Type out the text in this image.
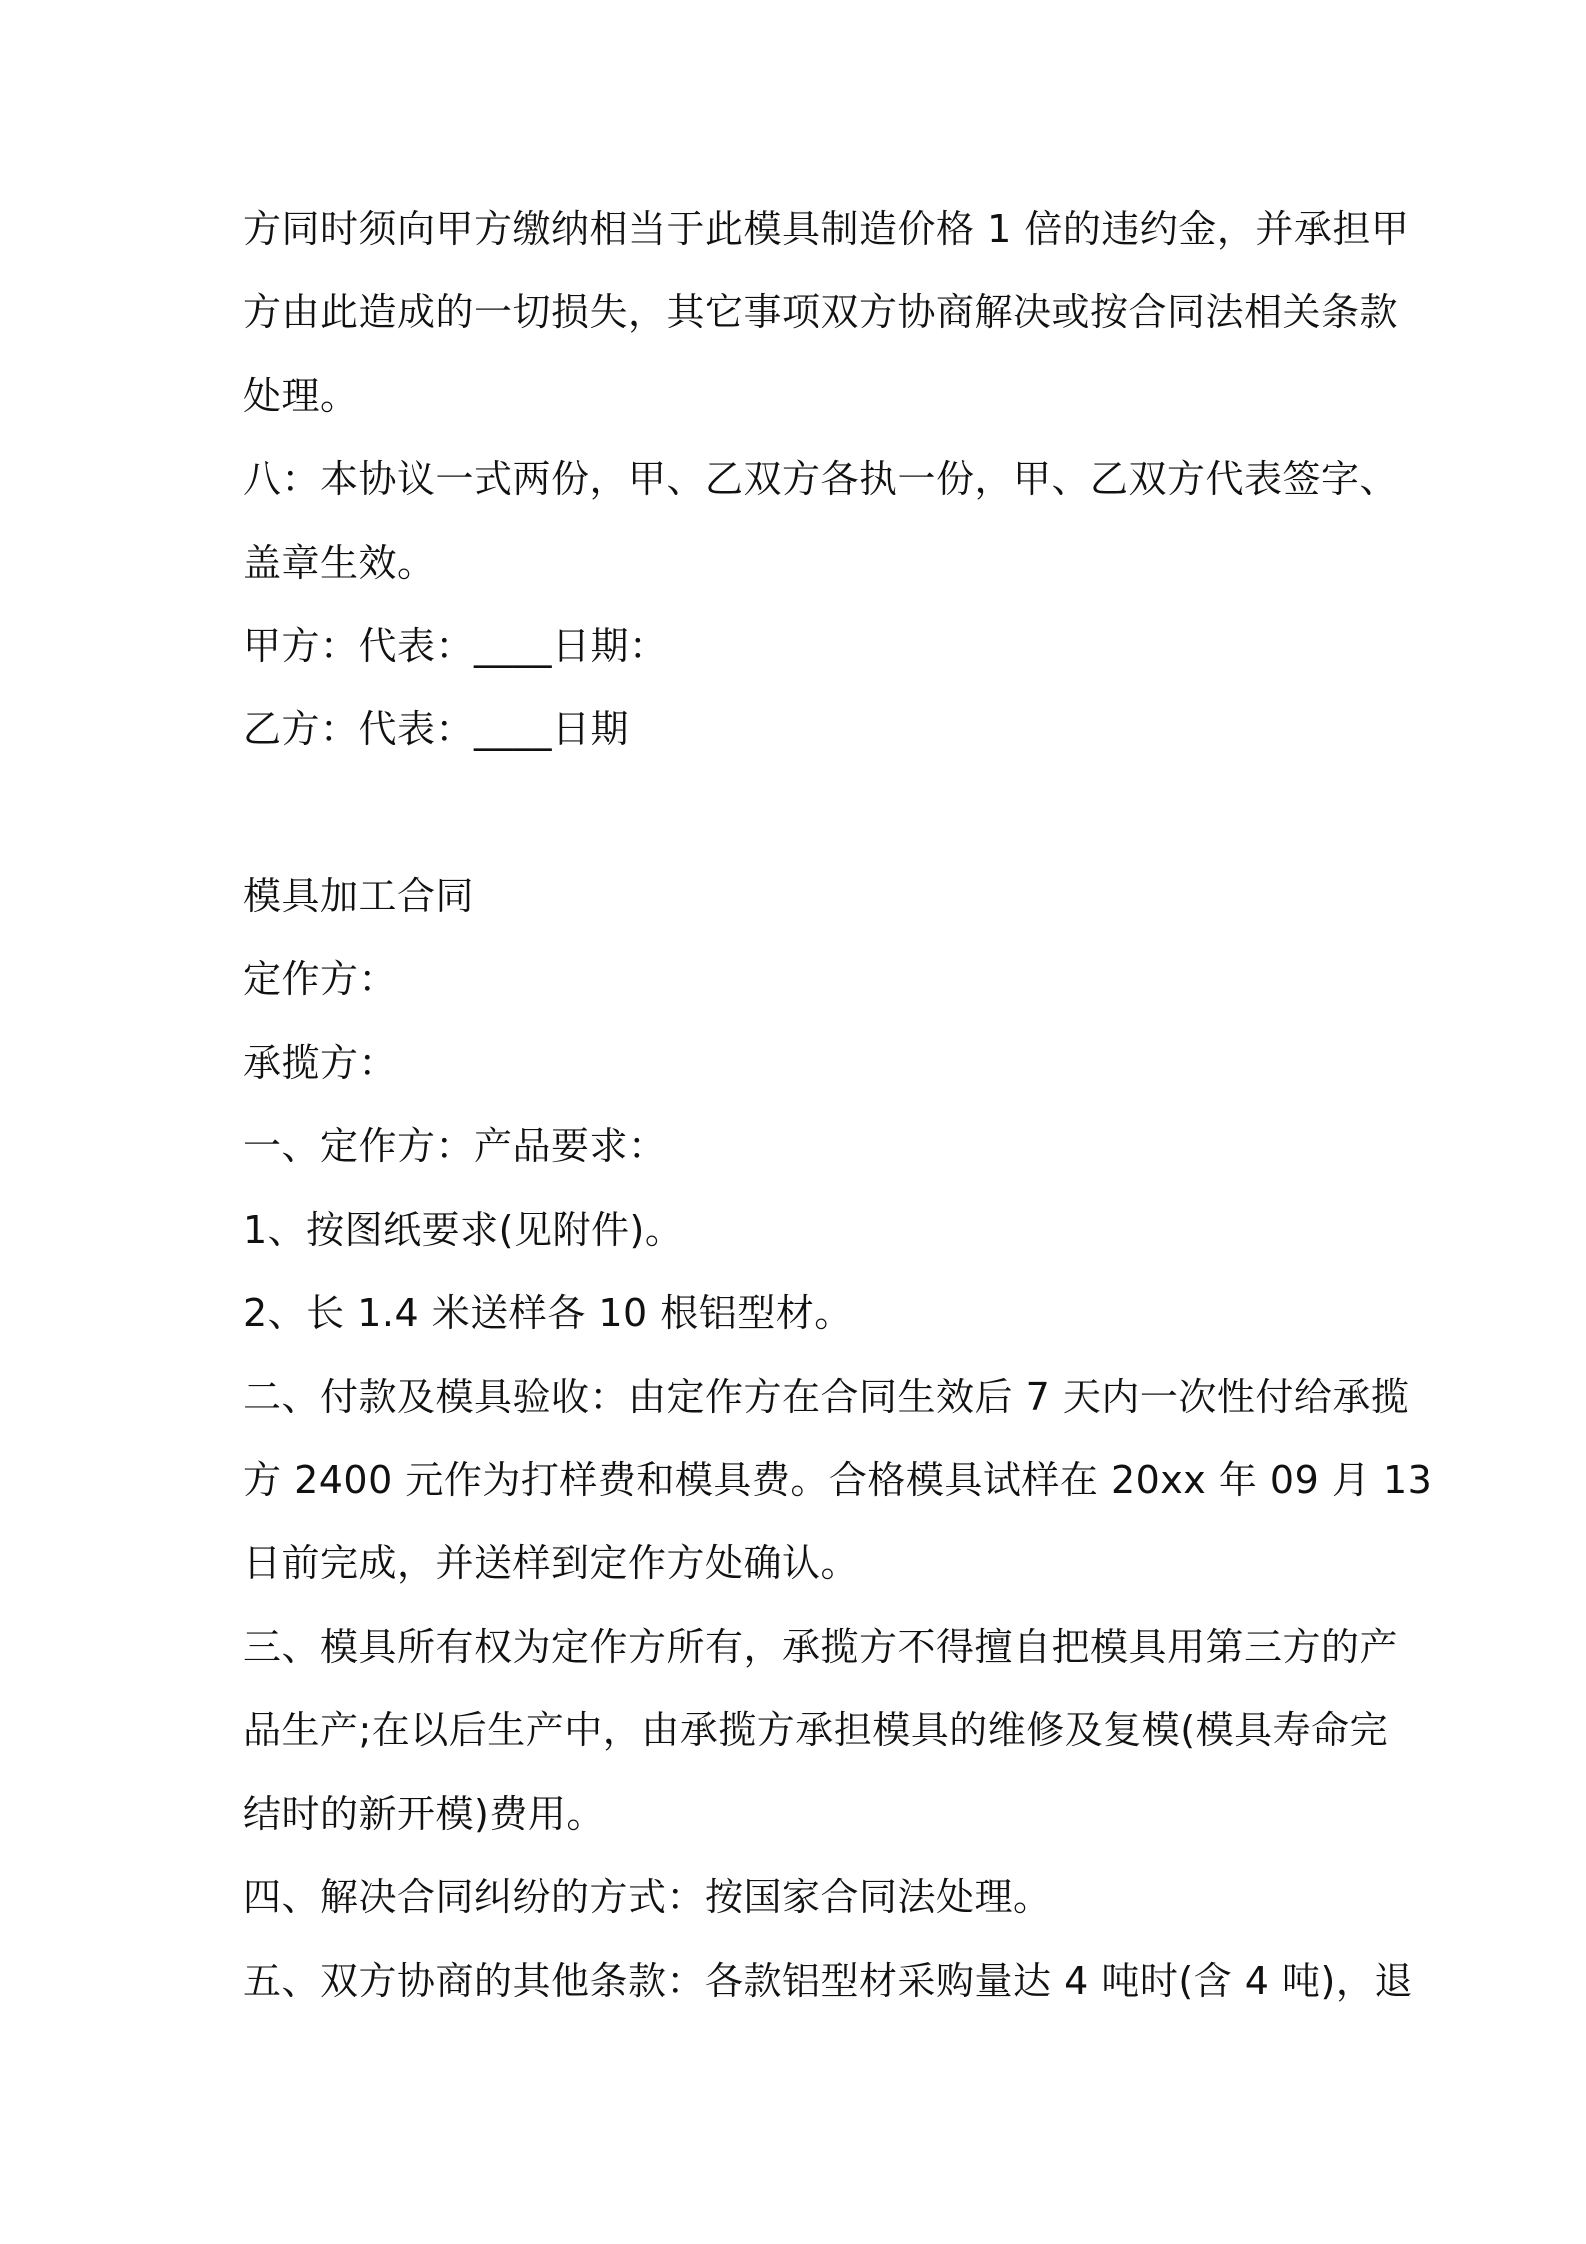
方同时须向甲方缴纳相当于此模具制造价格 1 倍的违约金，并承担甲
方由此造成的一切损失，其它事项双方协商解决或按合同法相关条款
处理。
八：本协议一式两份，甲、乙双方各执一份，甲、乙双方代表签字、
盖章生效。
甲方：代表：____日期：
乙方：代表：____日期
模具加工合同
定作方：
承揽方：
一、定作方：产品要求：
1、按图纸要求(见附件)。
2、长 1.4 米送样各 10 根铝型材。
二、付款及模具验收：由定作方在合同生效后 7 天内一次性付给承揽
方 2400 元作为打样费和模具费。合格模具试样在 20xx 年 09 月 13
日前完成，并送样到定作方处确认。
三、模具所有权为定作方所有，承揽方不得擅自把模具用第三方的产
品生产;在以后生产中，由承揽方承担模具的维修及复模(模具寿命完
结时的新开模)费用。
四、解决合同纠纷的方式：按国家合同法处理。
五、双方协商的其他条款：各款铝型材采购量达 4 吨时(含 4 吨)，退
